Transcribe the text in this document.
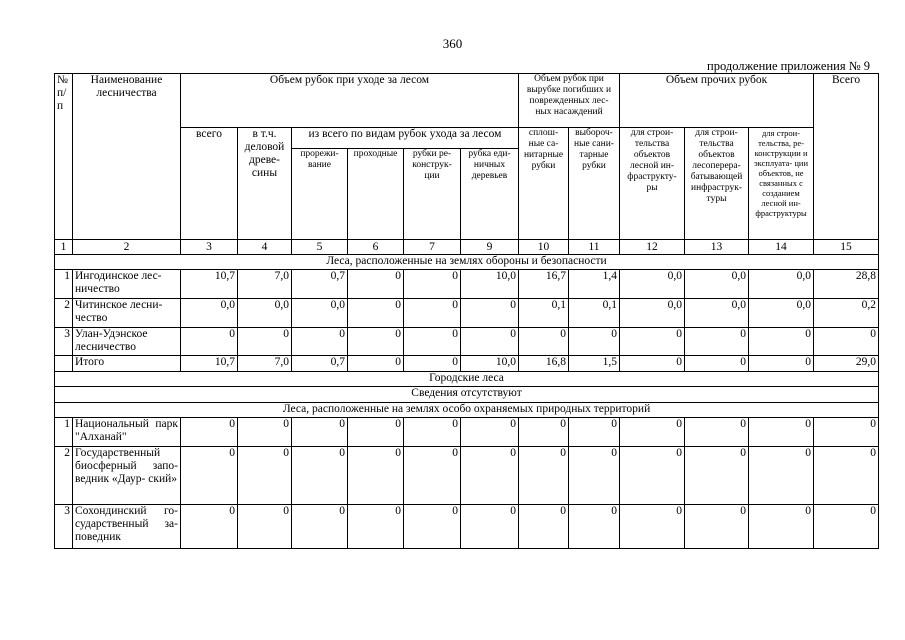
360
продолжение приложения № 9
№ п/ п	Наименование лесничества	Объем рубок при уходе за лесом						Объем рубок при вырубке погибших и поврежденных лес- ных насаждений		Объем прочих рубок			Всего
		всего	в т.ч. деловой древе- сины	из всего по видам рубок ухода за лесом				сплош- ные са- нитарные рубки	выбороч- ные сани- тарные рубки	для строи- тельства объектов лесной ин- фраструкту- ры	для строи- тельства объектов лесоперера- батывающей инфраструк- туры	для строи- тельства, ре- конструкции и эксплуата- ции объектов, не связанных с созданием лесной ин- фраструктуры	
				прорежи- вание	проходные	рубки ре- конструк- ции	рубка еди- ничных деревьев						
1	2	3	4	5	6	7	9	10	11	12	13	14	15
Леса, расположенные на землях обороны и безопасности													
1	Ингодинское лес- ничество	10,7	7,0	0,7	0	0	10,0	16,7	1,4	0,0	0,0	0,0	28,8
2	Читинское лесни- чество	0,0	0,0	0,0	0	0	0	0,1	0,1	0,0	0,0	0,0	0,2
3	Улан-Удэнское лесничество	0	0	0	0	0	0	0	0	0	0	0	0
	Итого	10,7	7,0	0,7	0	0	10,0	16,8	1,5	0	0	0	29,0
Городские леса													
Сведения отсутствуют													
Леса, расположенные на землях особо охраняемых природных территорий													
1	Национальный парк "Алханай"	0	0	0	0	0	0	0	0	0	0	0	0
2	Государственный биосферный запо- ведник «Даур- ский»	0	0	0	0	0	0	0	0	0	0	0	0
3	Сохондинский го- сударственный за- поведник	0	0	0	0	0	0	0	0	0	0	0	0
